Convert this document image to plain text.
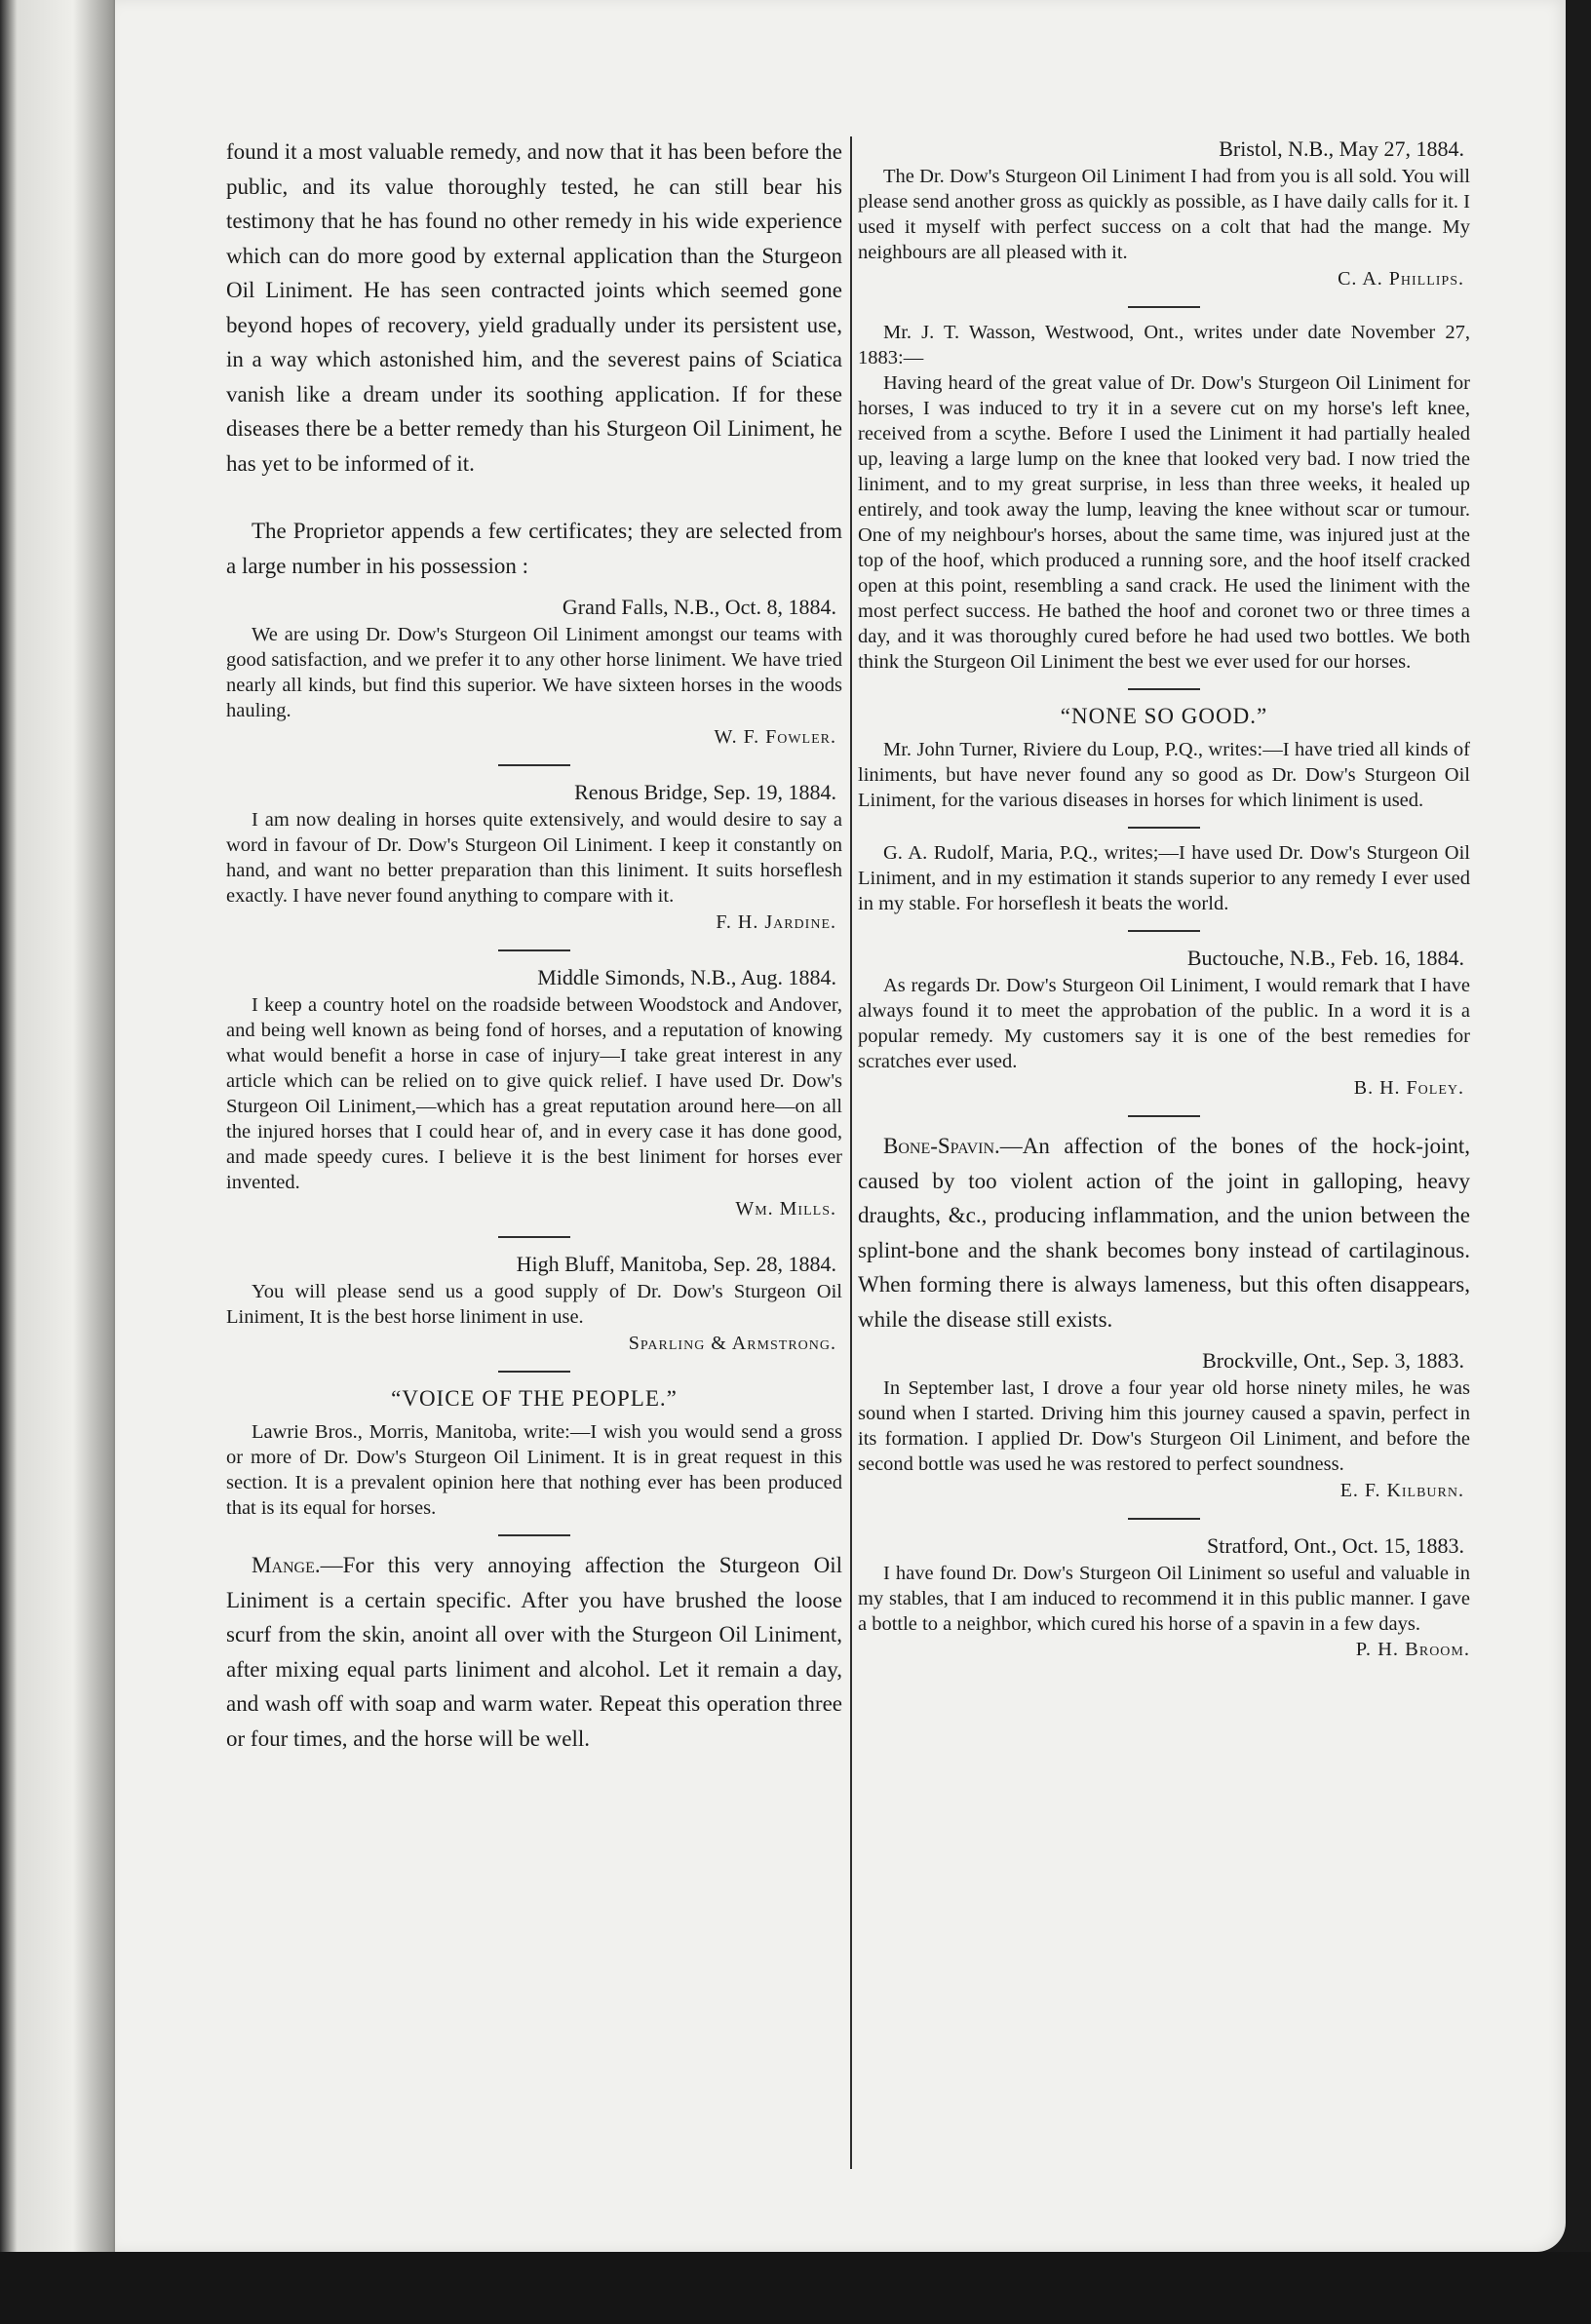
found it a most valuable remedy, and now that it has been before the public, and its value thoroughly tested, he can still bear his testimony that he has found no other remedy in his wide experience which can do more good by external application than the Sturgeon Oil Liniment. He has seen contracted joints which seemed gone beyond hopes of recovery, yield gradually under its persistent use, in a way which astonished him, and the severest pains of Sciatica vanish like a dream under its soothing application. If for these diseases there be a better remedy than his Sturgeon Oil Liniment, he has yet to be informed of it.

The Proprietor appends a few certificates; they are selected from a large number in his possession :

Grand Falls, N.B., Oct. 8, 1884.

We are using Dr. Dow's Sturgeon Oil Liniment amongst our teams with good satisfaction, and we prefer it to any other horse liniment. We have tried nearly all kinds, but find this superior. We have sixteen horses in the woods hauling.

W. F. Fowler.

Renous Bridge, Sep. 19, 1884.

I am now dealing in horses quite extensively, and would desire to say a word in favour of Dr. Dow's Sturgeon Oil Liniment. I keep it constantly on hand, and want no better preparation than this liniment. It suits horseflesh exactly. I have never found anything to compare with it.

F. H. Jardine.

Middle Simonds, N.B., Aug. 1884.

I keep a country hotel on the roadside between Woodstock and Andover, and being well known as being fond of horses, and a reputation of knowing what would benefit a horse in case of injury—I take great interest in any article which can be relied on to give quick relief. I have used Dr. Dow's Sturgeon Oil Liniment,—which has a great reputation around here—on all the injured horses that I could hear of, and in every case it has done good, and made speedy cures. I believe it is the best liniment for horses ever invented.

Wm. Mills.

High Bluff, Manitoba, Sep. 28, 1884.

You will please send us a good supply of Dr. Dow's Sturgeon Oil Liniment, It is the best horse liniment in use.

Sparling & Armstrong.

“VOICE OF THE PEOPLE.”

Lawrie Bros., Morris, Manitoba, write:—I wish you would send a gross or more of Dr. Dow's Sturgeon Oil Liniment. It is in great request in this section. It is a prevalent opinion here that nothing ever has been produced that is its equal for horses.

Mange.—For this very annoying affection the Sturgeon Oil Liniment is a certain specific. After you have brushed the loose scurf from the skin, anoint all over with the Sturgeon Oil Liniment, after mixing equal parts liniment and alcohol. Let it remain a day, and wash off with soap and warm water. Repeat this operation three or four times, and the horse will be well.

Bristol, N.B., May 27, 1884.

The Dr. Dow's Sturgeon Oil Liniment I had from you is all sold. You will please send another gross as quickly as possible, as I have daily calls for it. I used it myself with perfect success on a colt that had the mange. My neighbours are all pleased with it.

C. A. Phillips.

Mr. J. T. Wasson, Westwood, Ont., writes under date November 27, 1883:—

Having heard of the great value of Dr. Dow's Sturgeon Oil Liniment for horses, I was induced to try it in a severe cut on my horse's left knee, received from a scythe. Before I used the Liniment it had partially healed up, leaving a large lump on the knee that looked very bad. I now tried the liniment, and to my great surprise, in less than three weeks, it healed up entirely, and took away the lump, leaving the knee without scar or tumour. One of my neighbour's horses, about the same time, was injured just at the top of the hoof, which produced a running sore, and the hoof itself cracked open at this point, resembling a sand crack. He used the liniment with the most perfect success. He bathed the hoof and coronet two or three times a day, and it was thoroughly cured before he had used two bottles. We both think the Sturgeon Oil Liniment the best we ever used for our horses.

“NONE SO GOOD.”

Mr. John Turner, Riviere du Loup, P.Q., writes:—I have tried all kinds of liniments, but have never found any so good as Dr. Dow's Sturgeon Oil Liniment, for the various diseases in horses for which liniment is used.

G. A. Rudolf, Maria, P.Q., writes;—I have used Dr. Dow's Sturgeon Oil Liniment, and in my estimation it stands superior to any remedy I ever used in my stable. For horseflesh it beats the world.

Buctouche, N.B., Feb. 16, 1884.

As regards Dr. Dow's Sturgeon Oil Liniment, I would remark that I have always found it to meet the approbation of the public. In a word it is a popular remedy. My customers say it is one of the best remedies for scratches ever used.

B. H. Foley.

Bone-Spavin.—An affection of the bones of the hock-joint, caused by too violent action of the joint in galloping, heavy draughts, &c., producing inflammation, and the union between the splint-bone and the shank becomes bony instead of cartilaginous. When forming there is always lameness, but this often disappears, while the disease still exists.

Brockville, Ont., Sep. 3, 1883.

In September last, I drove a four year old horse ninety miles, he was sound when I started. Driving him this journey caused a spavin, perfect in its formation. I applied Dr. Dow's Sturgeon Oil Liniment, and before the second bottle was used he was restored to perfect soundness.

E. F. Kilburn.

Stratford, Ont., Oct. 15, 1883.

I have found Dr. Dow's Sturgeon Oil Liniment so useful and valuable in my stables, that I am induced to recommend it in this public manner. I gave a bottle to a neighbor, which cured his horse of a spavin in a few days.
P. H. Broom.
